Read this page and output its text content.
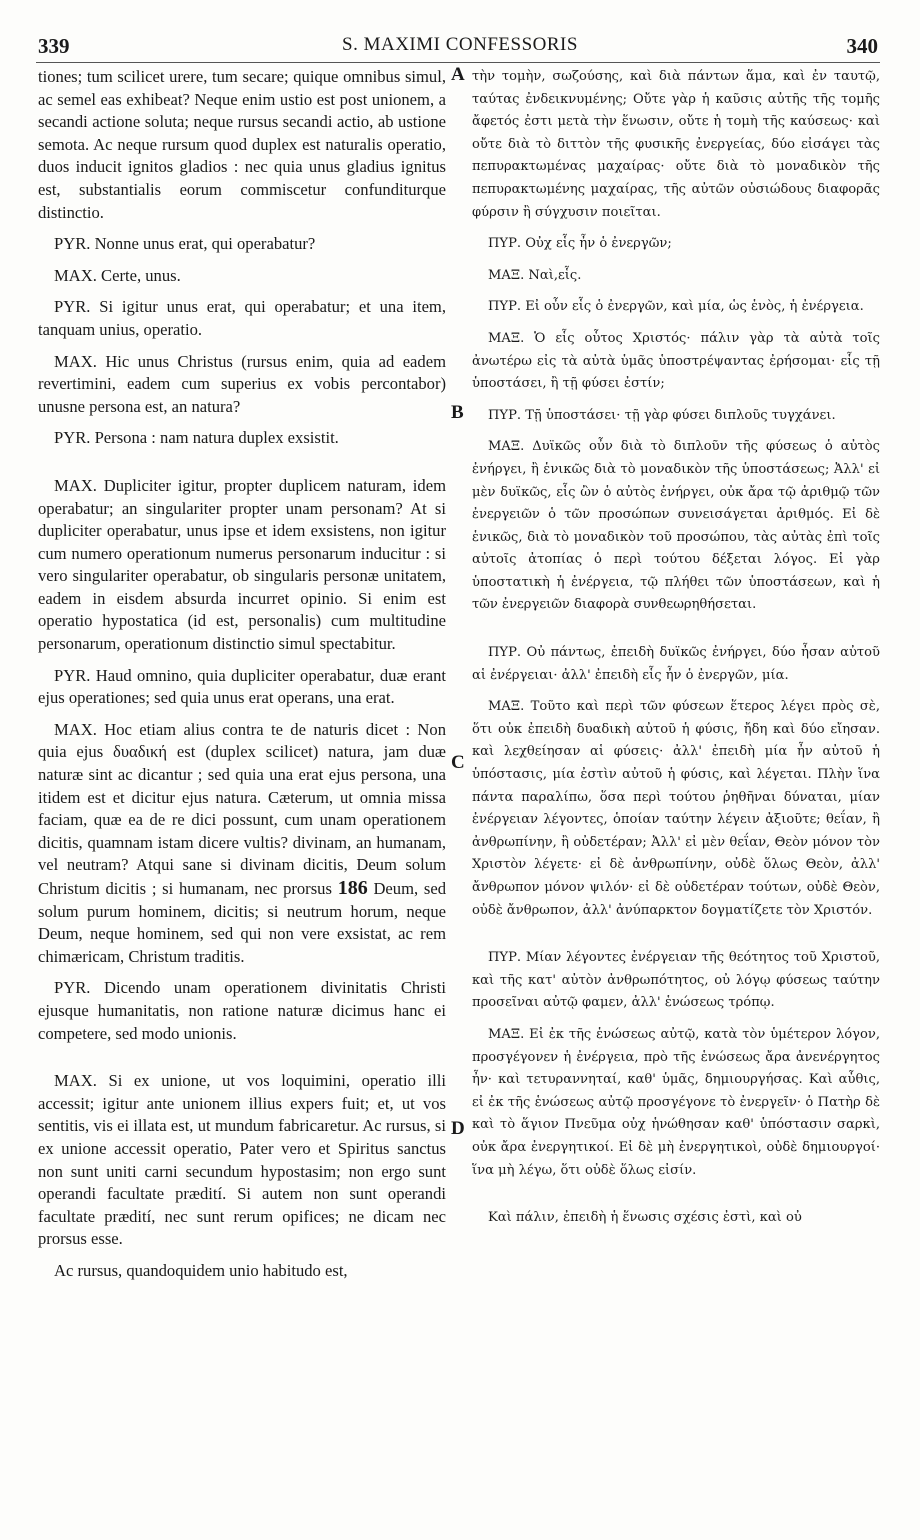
339	S. MAXIMI CONFESSORIS	340
A
B
C
D

tiones; tum scilicet urere, tum secare; quique omnibus simul, ac semel eas exhibeat? Neque enim ustio est post unionem, a secandi actione soluta; neque rursus secandi actio, ab ustione semota. Ac neque rursum quod duplex est naturalis operatio, duos inducit ignitos gladios : nec quia unus gladius ignitus est, substantialis eorum commiscetur confunditurque distinctio.

PYR. Nonne unus erat, qui operabatur?

MAX. Certe, unus.

PYR. Si igitur unus erat, qui operabatur; et una item, tanquam unius, operatio.

MAX. Hic unus Christus (rursus enim, quia ad eadem revertimini, eadem cum superius ex vobis percontabor) unusne persona est, an natura?

PYR. Persona : nam natura duplex exsistit.

MAX. Dupliciter igitur, propter duplicem naturam, idem operabatur; an singulariter propter unam personam? At si dupliciter operabatur, unus ipse et idem exsistens, non igitur cum numero operationum numerus personarum inducitur : si vero singulariter operabatur, ob singularis personæ unitatem, eadem in eisdem absurda incurret opinio. Si enim est operatio hypostatica (id est, personalis) cum multitudine personarum, operationum distinctio simul spectabitur.

PYR. Haud omnino, quia dupliciter operabatur, duæ erant ejus operationes; sed quia unus erat operans, una erat.

MAX. Hoc etiam alius contra te de naturis dicet : Non quia ejus δυαδική est (duplex scilicet) natura, jam duæ naturæ sint ac dicantur ; sed quia una erat ejus persona, una itidem est et dicitur ejus natura. Cæterum, ut omnia missa faciam, quæ ea de re dici possunt, cum unam operationem dicitis, quamnam istam dicere vultis? divinam, an humanam, vel neutram? Atqui sane si divinam dicitis, Deum solum Christum dicitis ; si humanam, nec prorsus 186 Deum, sed solum purum hominem, dicitis; si neutrum horum, neque Deum, neque hominem, sed qui non vere exsistat, ac rem chimæricam, Christum traditis.

PYR. Dicendo unam operationem divinitatis Christi ejusque humanitatis, non ratione naturæ dicimus hanc ei competere, sed modo unionis.

MAX. Si ex unione, ut vos loquimini, operatio illi accessit; igitur ante unionem illius expers fuit; et, ut vos sentitis, vis ei illata est, ut mundum fabricaretur. Ac rursus, si ex unione accessit operatio, Pater vero et Spiritus sanctus non sunt uniti carni secundum hypostasim; non ergo sunt operandi facultate prædití. Si autem non sunt operandi facultate prædití, nec sunt rerum opifices; ne dicam nec prorsus esse.

Ac rursus, quandoquidem unio habitudo est,

τὴν τομὴν, σωζούσης, καὶ διὰ πάντων ἅμα, καὶ ἐν ταυτῷ, ταύτας ἐνδεικνυμένης; Οὔτε γὰρ ἡ καῦσις αὐτῆς τῆς τομῆς ἄφετός ἐστι μετὰ τὴν ἕνωσιν, οὔτε ἡ τομὴ τῆς καύσεως· καὶ οὔτε διὰ τὸ διττὸν τῆς φυσικῆς ἐνεργείας, δύο εἰσάγει τὰς πεπυρακτωμένας μαχαίρας· οὔτε διὰ τὸ μοναδικὸν τῆς πεπυρακτωμένης μαχαίρας, τῆς αὐτῶν οὐσιώδους διαφορᾶς φύρσιν ἢ σύγχυσιν ποιεῖται.

ΠΥΡ. Οὐχ εἷς ἦν ὁ ἐνεργῶν;

ΜΑΞ. Ναὶ,εἷς.

ΠΥΡ. Εἰ οὖν εἷς ὁ ἐνεργῶν, καὶ μία, ὡς ἑνὸς, ἡ ἐνέργεια.

ΜΑΞ. Ὁ εἷς οὗτος Χριστός· πάλιν γὰρ τὰ αὐτὰ τοῖς ἀνωτέρω εἰς τὰ αὐτὰ ὑμᾶς ὑποστρέψαντας ἐρήσομαι· εἷς τῇ ὑποστάσει, ἢ τῇ φύσει ἐστίν;

ΠΥΡ. Τῇ ὑποστάσει· τῇ γὰρ φύσει διπλοῦς τυγχάνει.

ΜΑΞ. Δυϊκῶς οὖν διὰ τὸ διπλοῦν τῆς φύσεως ὁ αὐτὸς ἐνήργει, ἢ ἑνικῶς διὰ τὸ μοναδικὸν τῆς ὑποστάσεως; Ἀλλ' εἰ μὲν δυϊκῶς, εἷς ὢν ὁ αὐτὸς ἐνήργει, οὐκ ἄρα τῷ ἀριθμῷ τῶν ἐνεργειῶν ὁ τῶν προσώπων συνεισάγεται ἀριθμός. Εἰ δὲ ἑνικῶς, διὰ τὸ μοναδικὸν τοῦ προσώπου, τὰς αὐτὰς ἐπὶ τοῖς αὐτοῖς ἀτοπίας ὁ περὶ τούτου δέξεται λόγος. Εἰ γὰρ ὑποστατικὴ ἡ ἐνέργεια, τῷ πλήθει τῶν ὑποστάσεων, καὶ ἡ τῶν ἐνεργειῶν διαφορὰ συνθεωρηθήσεται.

ΠΥΡ. Οὐ πάντως, ἐπειδὴ δυϊκῶς ἐνήργει, δύο ἦσαν αὐτοῦ αἱ ἐνέργειαι· ἀλλ' ἐπειδὴ εἷς ἦν ὁ ἐνεργῶν, μία.

ΜΑΞ. Τοῦτο καὶ περὶ τῶν φύσεων ἕτερος λέγει πρὸς σὲ, ὅτι οὐκ ἐπειδὴ δυαδικὴ αὐτοῦ ἡ φύσις, ἤδη καὶ δύο εἴησαν. καὶ λεχθείησαν αἱ φύσεις· ἀλλ' ἐπειδὴ μία ἦν αὐτοῦ ἡ ὑπόστασις, μία ἐστὶν αὐτοῦ ἡ φύσις, καὶ λέγεται. Πλὴν ἵνα πάντα παραλίπω, ὅσα περὶ τούτου ῥηθῆναι δύναται, μίαν ἐνέργειαν λέγοντες, ὁποίαν ταύτην λέγειν ἀξιοῦτε; θεΐαν, ἢ ἀνθρωπίνην, ἢ οὐδετέραν; Ἀλλ' εἰ μὲν θεΐαν, Θεὸν μόνον τὸν Χριστὸν λέγετε· εἰ δὲ ἀνθρωπίνην, οὐδὲ ὅλως Θεὸν, ἀλλ' ἄνθρωπον μόνον ψιλόν· εἰ δὲ οὐδετέραν τούτων, οὐδὲ Θεὸν, οὐδὲ ἄνθρωπον, ἀλλ' ἀνύπαρκτον δογματίζετε τὸν Χριστόν.

ΠΥΡ. Μίαν λέγοντες ἐνέργειαν τῆς θεότητος τοῦ Χριστοῦ, καὶ τῆς κατ' αὐτὸν ἀνθρωπότητος, οὐ λόγῳ φύσεως ταύτην προσεῖναι αὐτῷ φαμεν, ἀλλ' ἑνώσεως τρόπῳ.

ΜΑΞ. Εἰ ἐκ τῆς ἑνώσεως αὐτῷ, κατὰ τὸν ὑμέτερον λόγον, προσγέγονεν ἡ ἐνέργεια, πρὸ τῆς ἑνώσεως ἄρα ἀνενέργητος ἦν· καὶ τετυραννηταί, καθ' ὑμᾶς, δημιουργήσας. Καὶ αὖθις, εἰ ἐκ τῆς ἑνώσεως αὐτῷ προσγέγονε τὸ ἐνεργεῖν· ὁ Πατὴρ δὲ καὶ τὸ ἅγιον Πνεῦμα οὐχ ἡνώθησαν καθ' ὑπόστασιν σαρκὶ, οὐκ ἄρα ἐνεργητικοί. Εἰ δὲ μὴ ἐνεργητικοὶ, οὐδὲ δημιουργοί· ἵνα μὴ λέγω, ὅτι οὐδὲ ὅλως εἰσίν.

Καὶ πάλιν, ἐπειδὴ ἡ ἕνωσις σχέσις ἐστὶ, καὶ οὐ
